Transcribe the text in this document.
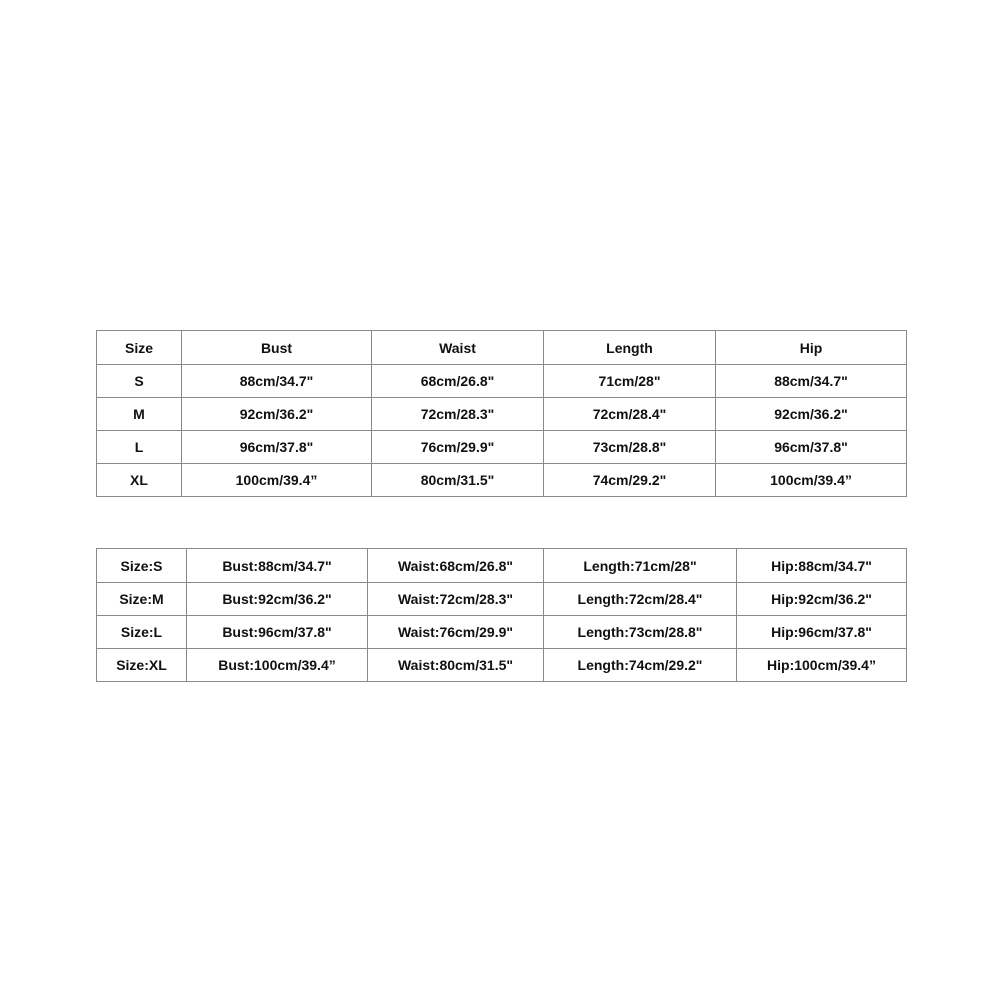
Size	Bust	Waist	Length	Hip
S	88cm/34.7"	68cm/26.8"	71cm/28"	88cm/34.7"
M	92cm/36.2"	72cm/28.3"	72cm/28.4"	92cm/36.2"
L	96cm/37.8"	76cm/29.9"	73cm/28.8"	96cm/37.8"
XL	100cm/39.4”	80cm/31.5"	74cm/29.2"	100cm/39.4”
Size:S	Bust:88cm/34.7"	Waist:68cm/26.8"	Length:71cm/28"	Hip:88cm/34.7"
Size:M	Bust:92cm/36.2"	Waist:72cm/28.3"	Length:72cm/28.4"	Hip:92cm/36.2"
Size:L	Bust:96cm/37.8"	Waist:76cm/29.9"	Length:73cm/28.8"	Hip:96cm/37.8"
Size:XL	Bust:100cm/39.4”	Waist:80cm/31.5"	Length:74cm/29.2"	Hip:100cm/39.4”
